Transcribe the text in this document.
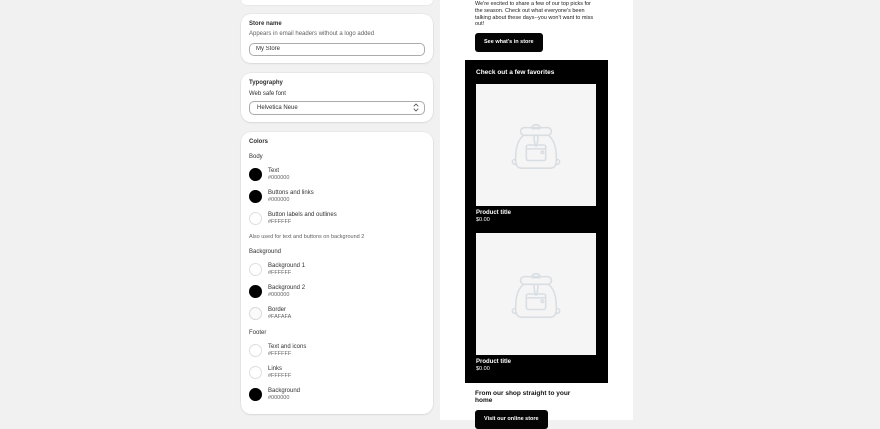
Store name
Appears in email headers without a logo added
My Store
Typography
Web safe font
Helvetica Neue
Colors
Body
Text
#000000
Buttons and links
#000000
Button labels and outlines
#FFFFFF
Also used for text and buttons on background 2
Background
Background 1
#FFFFFF
Background 2
#000000
Border
#FAFAFA
Footer
Text and icons
#FFFFFF
Links
#FFFFFF
Background
#000000
We're excited to share a few of our top picks for the season. Check out what everyone's been talking about these days--you won't want to miss out!
See what's in store
Check out a few favorites
Product title
$0.00
Product title
$0.00
From our shop straight to your home
Visit our online store
